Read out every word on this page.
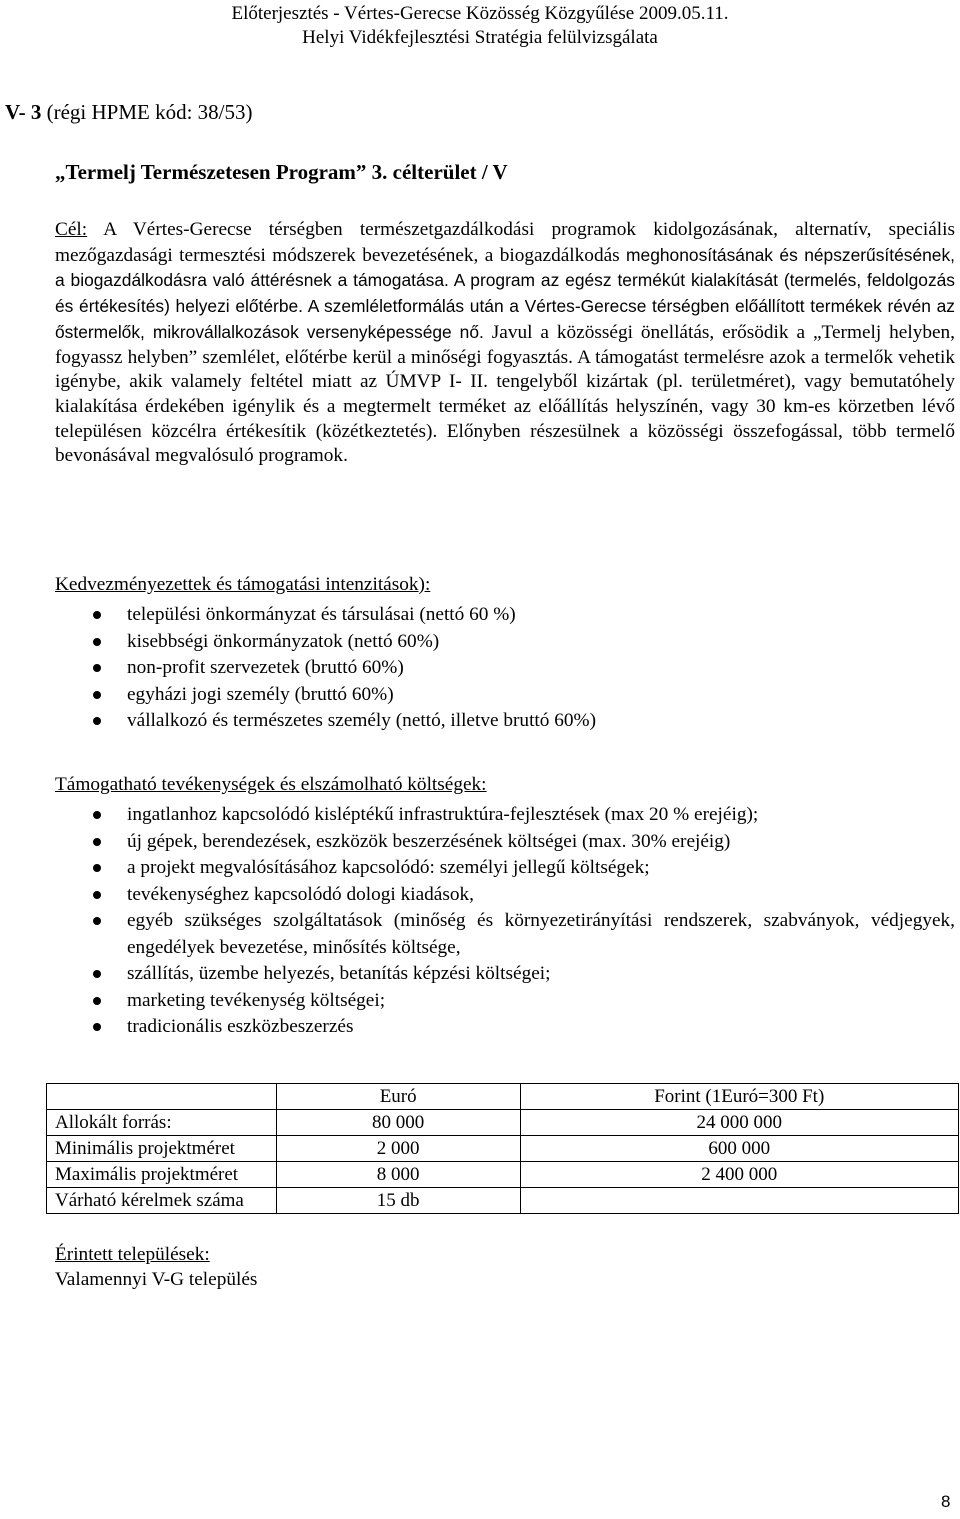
Előterjesztés - Vértes-Gerecse Közösség Közgyűlése 2009.05.11.
Helyi Vidékfejlesztési Stratégia felülvizsgálata
V- 3 (régi HPME kód: 38/53)
„Termelj Természetesen Program” 3. célterület / V
Cél: A Vértes-Gerecse térségben természetgazdálkodási programok kidolgozásának, alternatív, speciális mezőgazdasági termesztési módszerek bevezetésének, a biogazdálkodás meghonosításának és népszerűsítésének, a biogazdálkodásra való áttérésnek a támogatása. A program az egész termékút kialakítását (termelés, feldolgozás és értékesítés) helyezi előtérbe. A szemléletformálás után a Vértes-Gerecse térségben előállított termékek révén az őstermelők, mikrovállalkozások versenyképessége nő. Javul a közösségi önellátás, erősödik a „Termelj helyben, fogyassz helyben” szemlélet, előtérbe kerül a minőségi fogyasztás. A támogatást termelésre azok a termelők vehetik igénybe, akik valamely feltétel miatt az ÚMVP I- II. tengelyből kizártak (pl. területméret), vagy bemutatóhely kialakítása érdekében igénylik és a megtermelt terméket az előállítás helyszínén, vagy 30 km-es körzetben lévő településen közcélra értékesítik (közétkeztetés). Előnyben részesülnek a közösségi összefogással, több termelő bevonásával megvalósuló programok.
Kedvezményezettek és támogatási intenzitások):
települési önkormányzat és társulásai (nettó 60 %)
kisebbségi önkormányzatok (nettó 60%)
non-profit szervezetek (bruttó 60%)
egyházi jogi személy (bruttó 60%)
vállalkozó és természetes személy (nettó, illetve bruttó 60%)
Támogatható tevékenységek és elszámolható költségek:
ingatlanhoz kapcsolódó kisléptékű infrastruktúra-fejlesztések (max 20 % erejéig);
új gépek, berendezések, eszközök beszerzésének költségei (max. 30% erejéig)
a projekt megvalósításához kapcsolódó: személyi jellegű költségek;
tevékenységhez kapcsolódó dologi kiadások,
egyéb szükséges szolgáltatások (minőség és környezetirányítási rendszerek, szabványok, védjegyek, engedélyek bevezetése, minősítés költsége,
szállítás, üzembe helyezés, betanítás képzési költségei;
marketing tevékenység költségei;
tradicionális eszközbeszerzés
	Euró	Forint (1Euró=300 Ft)
Allokált forrás:	80 000	24 000 000
Minimális projektméret	2 000	600 000
Maximális projektméret	8 000	2 400 000
Várható kérelmek száma	15 db	
Érintett települések:
Valamennyi V-G település
8
